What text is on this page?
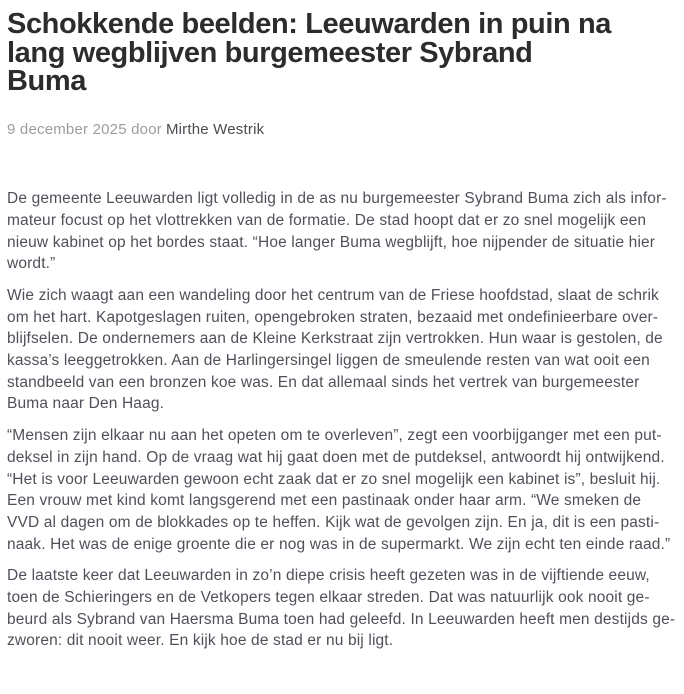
Schokkende beelden: Leeuwarden in puin na
lang wegblijven burgemeester Sybrand
Buma
9 december 2025 door Mirthe Westrik

De gemeente Leeuwarden ligt volledig in de as nu burgemeester Sybrand Buma zich als infor-
mateur focust op het vlottrekken van de formatie. De stad hoopt dat er zo snel mogelijk een
nieuw kabinet op het bordes staat. “Hoe langer Buma wegblijft, hoe nijpender de situatie hier
wordt.”

Wie zich waagt aan een wandeling door het centrum van de Friese hoofdstad, slaat de schrik
om het hart. Kapotgeslagen ruiten, opengebroken straten, bezaaid met ondefinieerbare over-
blijfselen. De ondernemers aan de Kleine Kerkstraat zijn vertrokken. Hun waar is gestolen, de
kassa’s leeggetrokken. Aan de Harlingersingel liggen de smeulende resten van wat ooit een
standbeeld van een bronzen koe was. En dat allemaal sinds het vertrek van burgemeester
Buma naar Den Haag.

“Mensen zijn elkaar nu aan het opeten om te overleven”, zegt een voorbijganger met een put-
deksel in zijn hand. Op de vraag wat hij gaat doen met de putdeksel, antwoordt hij ontwijkend.
“Het is voor Leeuwarden gewoon echt zaak dat er zo snel mogelijk een kabinet is”, besluit hij.
Een vrouw met kind komt langsgerend met een pastinaak onder haar arm. “We smeken de
VVD al dagen om de blokkades op te heffen. Kijk wat de gevolgen zijn. En ja, dit is een pasti-
naak. Het was de enige groente die er nog was in de supermarkt. We zijn echt ten einde raad.”

De laatste keer dat Leeuwarden in zo’n diepe crisis heeft gezeten was in de vijftiende eeuw,
toen de Schieringers en de Vetkopers tegen elkaar streden. Dat was natuurlijk ook nooit ge-
beurd als Sybrand van Haersma Buma toen had geleefd. In Leeuwarden heeft men destijds ge-
zworen: dit nooit weer. En kijk hoe de stad er nu bij ligt.
